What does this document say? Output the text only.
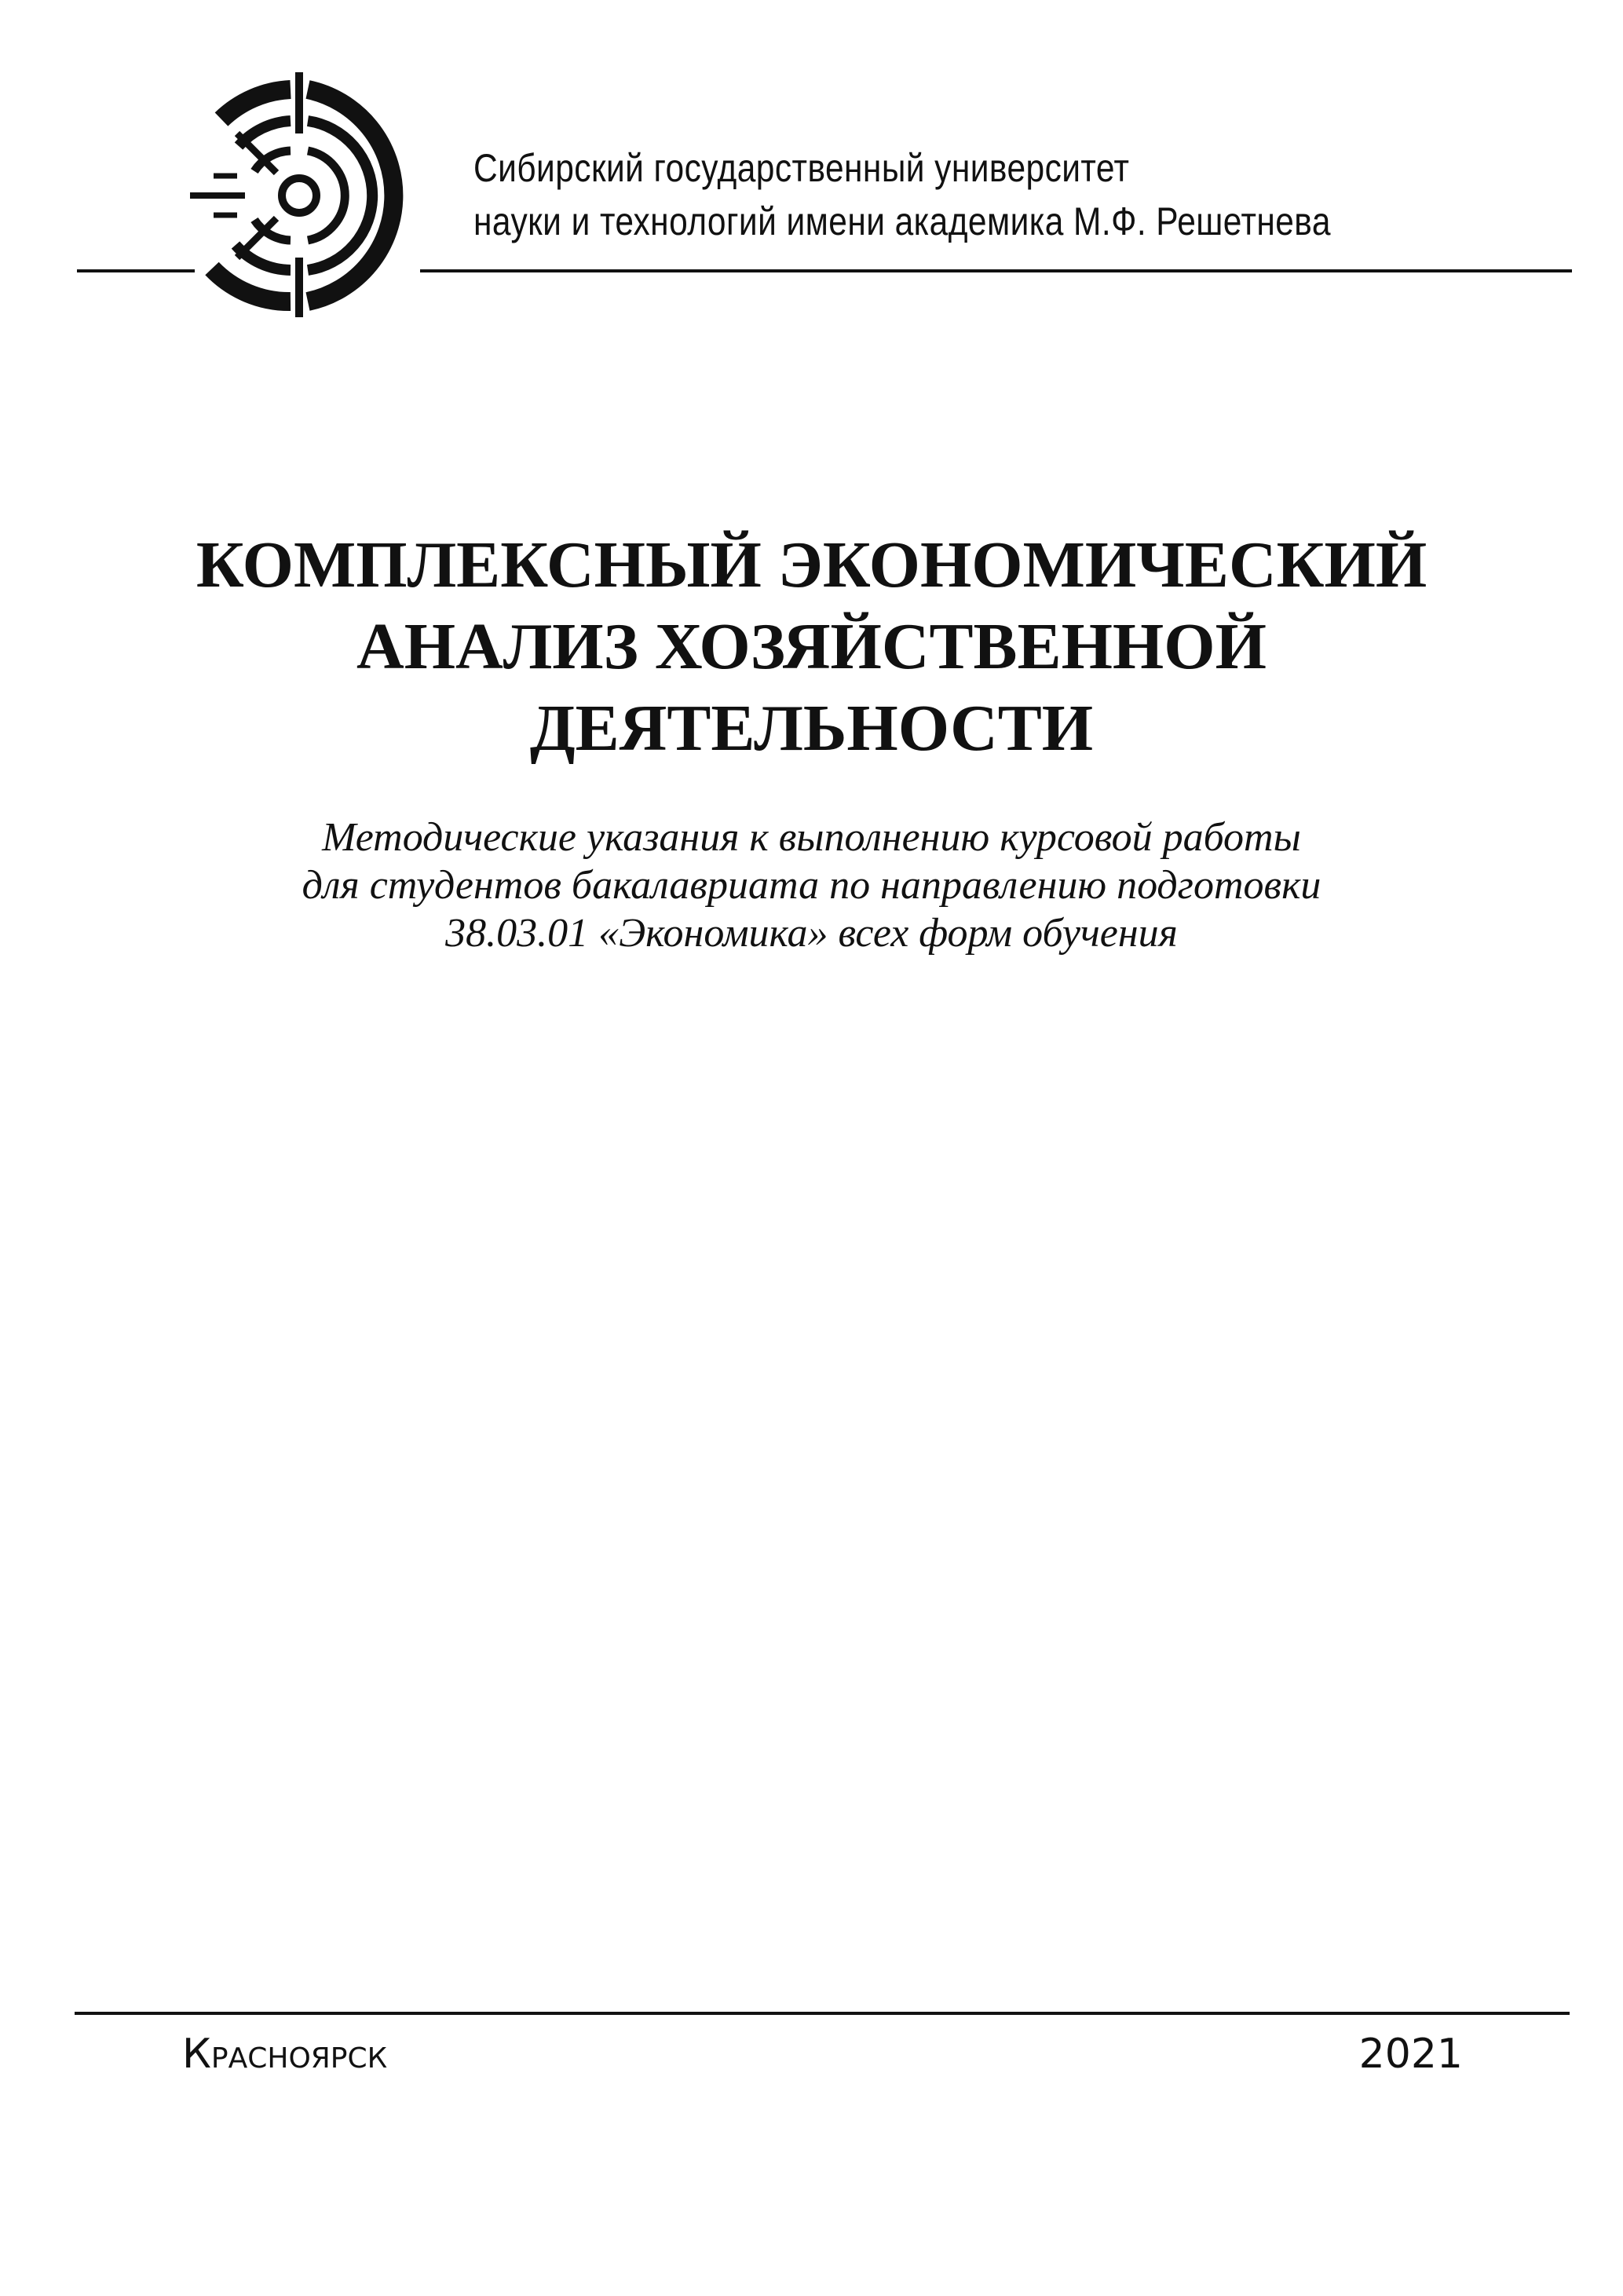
Сибирский государственный университет
науки и технологий имени академика М.Ф. Решетнева
КОМПЛЕКСНЫЙ ЭКОНОМИЧЕСКИЙ
АНАЛИЗ ХОЗЯЙСТВЕННОЙ
ДЕЯТЕЛЬНОСТИ
Методические указания к выполнению курсовой работы
для студентов бакалавриата по направлению подготовки
38.03.01 «Экономика» всех форм обучения
Красноярск	2021
